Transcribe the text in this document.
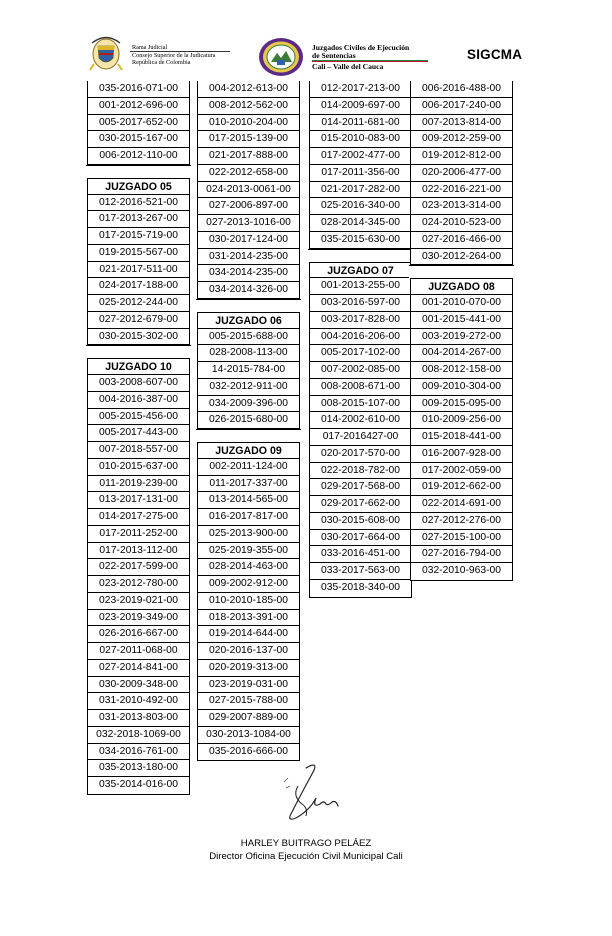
Rama Judicial
Consejo Superior de la Judicatura
República de Colombia
Juzgados Civiles de Ejecución
de Sentencias
Cali – Valle del Cauca
SIGCMA
035-2016-071-00
001-2012-696-00
005-2017-652-00
030-2015-167-00
006-2012-110-00
JUZGADO 05
012-2016-521-00
017-2013-267-00
017-2015-719-00
019-2015-567-00
021-2017-511-00
024-2017-188-00
025-2012-244-00
027-2012-679-00
030-2015-302-00
JUZGADO 10
003-2008-607-00
004-2016-387-00
005-2015-456-00
005-2017-443-00
007-2018-557-00
010-2015-637-00
011-2019-239-00
013-2017-131-00
014-2017-275-00
017-2011-252-00
017-2013-112-00
022-2017-599-00
023-2012-780-00
023-2019-021-00
023-2019-349-00
026-2016-667-00
027-2011-068-00
027-2014-841-00
030-2009-348-00
031-2010-492-00
031-2013-803-00
032-2018-1069-00
034-2016-761-00
035-2013-180-00
035-2014-016-00
004-2012-613-00
008-2012-562-00
010-2010-204-00
017-2015-139-00
021-2017-888-00
022-2012-658-00
024-2013-0061-00
027-2006-897-00
027-2013-1016-00
030-2017-124-00
031-2014-235-00
034-2014-235-00
034-2014-326-00
JUZGADO 06
005-2015-688-00
028-2008-113-00
14-2015-784-00
032-2012-911-00
034-2009-396-00
026-2015-680-00
JUZGADO 09
002-2011-124-00
011-2017-337-00
013-2014-565-00
016-2017-817-00
025-2013-900-00
025-2019-355-00
028-2014-463-00
009-2002-912-00
010-2010-185-00
018-2013-391-00
019-2014-644-00
020-2016-137-00
020-2019-313-00
023-2019-031-00
027-2015-788-00
029-2007-889-00
030-2013-1084-00
035-2016-666-00
012-2017-213-00
014-2009-697-00
014-2011-681-00
015-2010-083-00
017-2002-477-00
017-2011-356-00
021-2017-282-00
025-2016-340-00
028-2014-345-00
035-2015-630-00
JUZGADO 07
001-2013-255-00
003-2016-597-00
003-2017-828-00
004-2016-206-00
005-2017-102-00
007-2002-085-00
008-2008-671-00
008-2015-107-00
014-2002-610-00
017-2016427-00
020-2017-570-00
022-2018-782-00
029-2017-568-00
029-2017-662-00
030-2015-608-00
030-2017-664-00
033-2016-451-00
033-2017-563-00
035-2018-340-00
006-2016-488-00
006-2017-240-00
007-2013-814-00
009-2012-259-00
019-2012-812-00
020-2006-477-00
022-2016-221-00
023-2013-314-00
024-2010-523-00
027-2016-466-00
030-2012-264-00
JUZGADO 08
001-2010-070-00
001-2015-441-00
003-2019-272-00
004-2014-267-00
008-2012-158-00
009-2010-304-00
009-2015-095-00
010-2009-256-00
015-2018-441-00
016-2007-928-00
017-2002-059-00
019-2012-662-00
022-2014-691-00
027-2012-276-00
027-2015-100-00
027-2016-794-00
032-2010-963-00
HARLEY BUITRAGO PELÁEZ
Director Oficina Ejecución Civil Municipal Cali
